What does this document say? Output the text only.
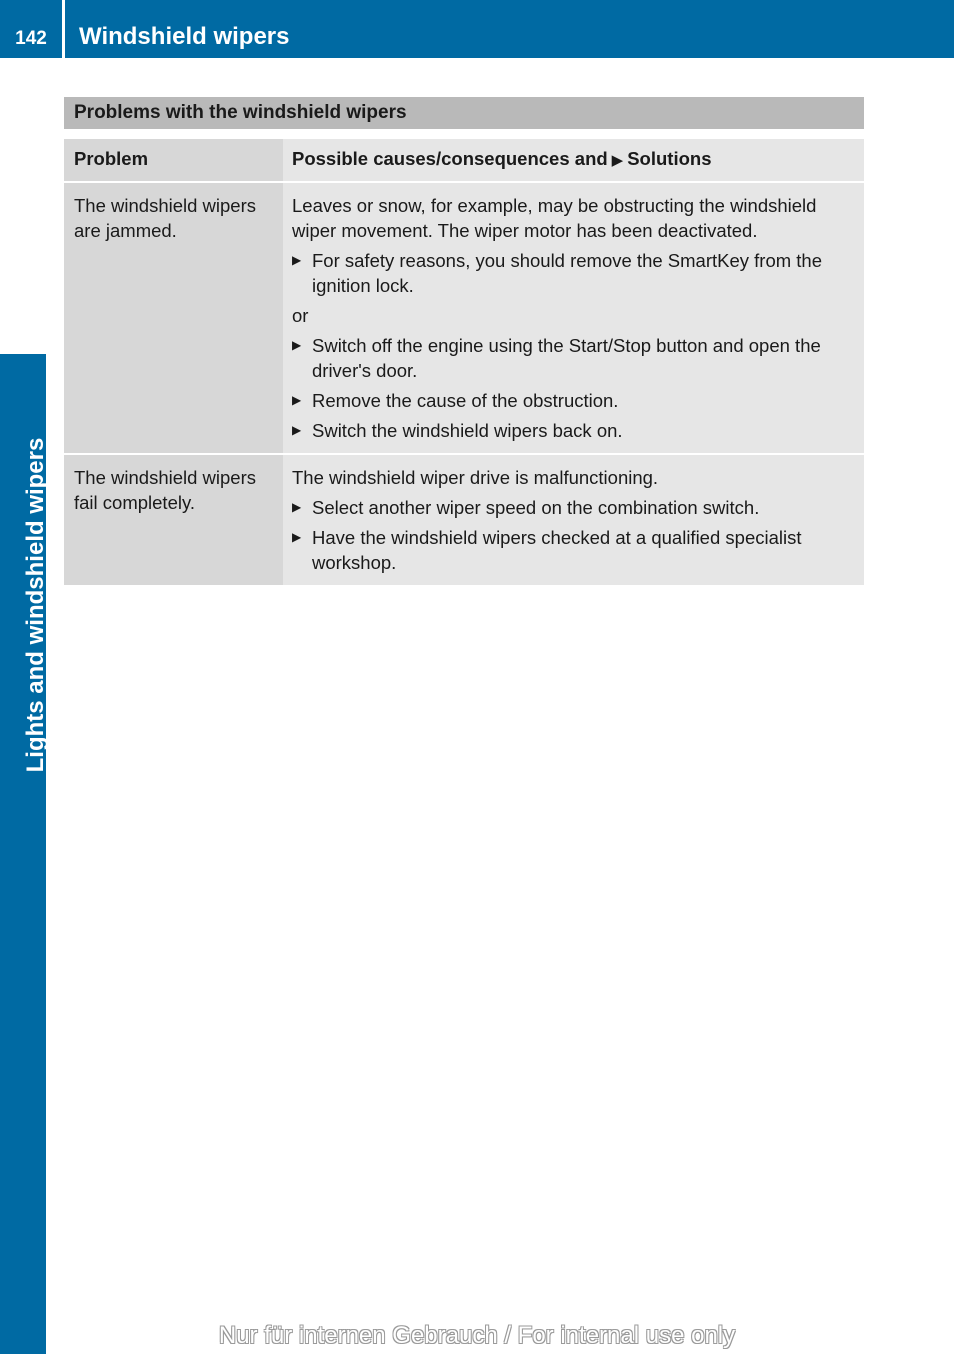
142	Windshield wipers
Lights and windshield wipers
Problems with the windshield wipers
Problem	Possible causes/consequences and ▶ Solutions
The windshield wipers are jammed.

Leaves or snow, for example, may be obstructing the windshield wiper movement. The wiper motor has been deactivated.

▶ For safety reasons, you should remove the SmartKey from the ignition lock.
or
▶ Switch off the engine using the Start/Stop button and open the driver's door.
▶ Remove the cause of the obstruction.
▶ Switch the windshield wipers back on.
The windshield wipers fail completely.

The windshield wiper drive is malfunctioning.

▶ Select another wiper speed on the combination switch.
▶ Have the windshield wipers checked at a qualified specialist workshop.
Nur für internen Gebrauch / For internal use only
